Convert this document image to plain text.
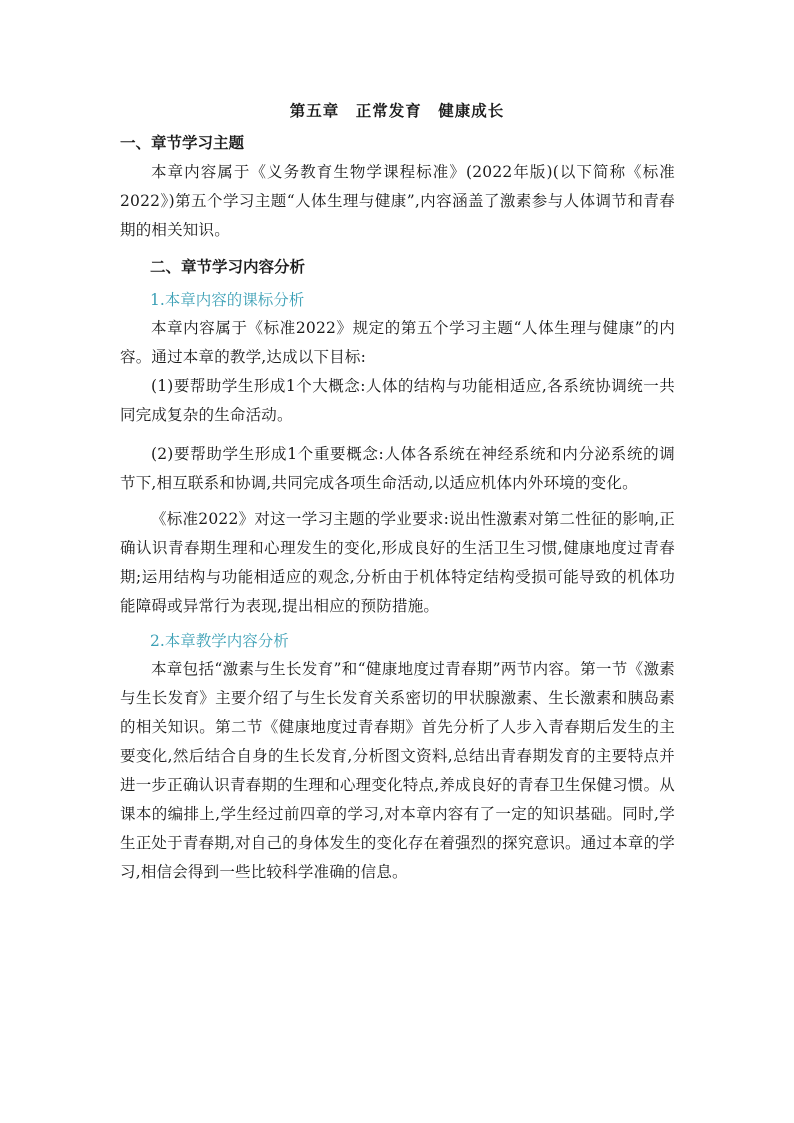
第五章　正常发育　健康成长
一、章节学习主题
本章内容属于《义务教育生物学课程标准》(2022年版)(以下简称《标准2022》)第五个学习主题“人体生理与健康”,内容涵盖了激素参与人体调节和青春期的相关知识。
二、章节学习内容分析
1.本章内容的课标分析
本章内容属于《标准2022》规定的第五个学习主题“人体生理与健康”的内容。通过本章的教学,达成以下目标:
(1)要帮助学生形成1个大概念:人体的结构与功能相适应,各系统协调统一共同完成复杂的生命活动。
(2)要帮助学生形成1个重要概念:人体各系统在神经系统和内分泌系统的调节下,相互联系和协调,共同完成各项生命活动,以适应机体内外环境的变化。
《标准2022》对这一学习主题的学业要求:说出性激素对第二性征的影响,正确认识青春期生理和心理发生的变化,形成良好的生活卫生习惯,健康地度过青春期;运用结构与功能相适应的观念,分析由于机体特定结构受损可能导致的机体功能障碍或异常行为表现,提出相应的预防措施。
2.本章教学内容分析
本章包括“激素与生长发育”和“健康地度过青春期”两节内容。第一节《激素与生长发育》主要介绍了与生长发育关系密切的甲状腺激素、生长激素和胰岛素的相关知识。第二节《健康地度过青春期》首先分析了人步入青春期后发生的主要变化,然后结合自身的生长发育,分析图文资料,总结出青春期发育的主要特点并进一步正确认识青春期的生理和心理变化特点,养成良好的青春卫生保健习惯。从课本的编排上,学生经过前四章的学习,对本章内容有了一定的知识基础。同时,学生正处于青春期,对自己的身体发生的变化存在着强烈的探究意识。通过本章的学习,相信会得到一些比较科学准确的信息。
